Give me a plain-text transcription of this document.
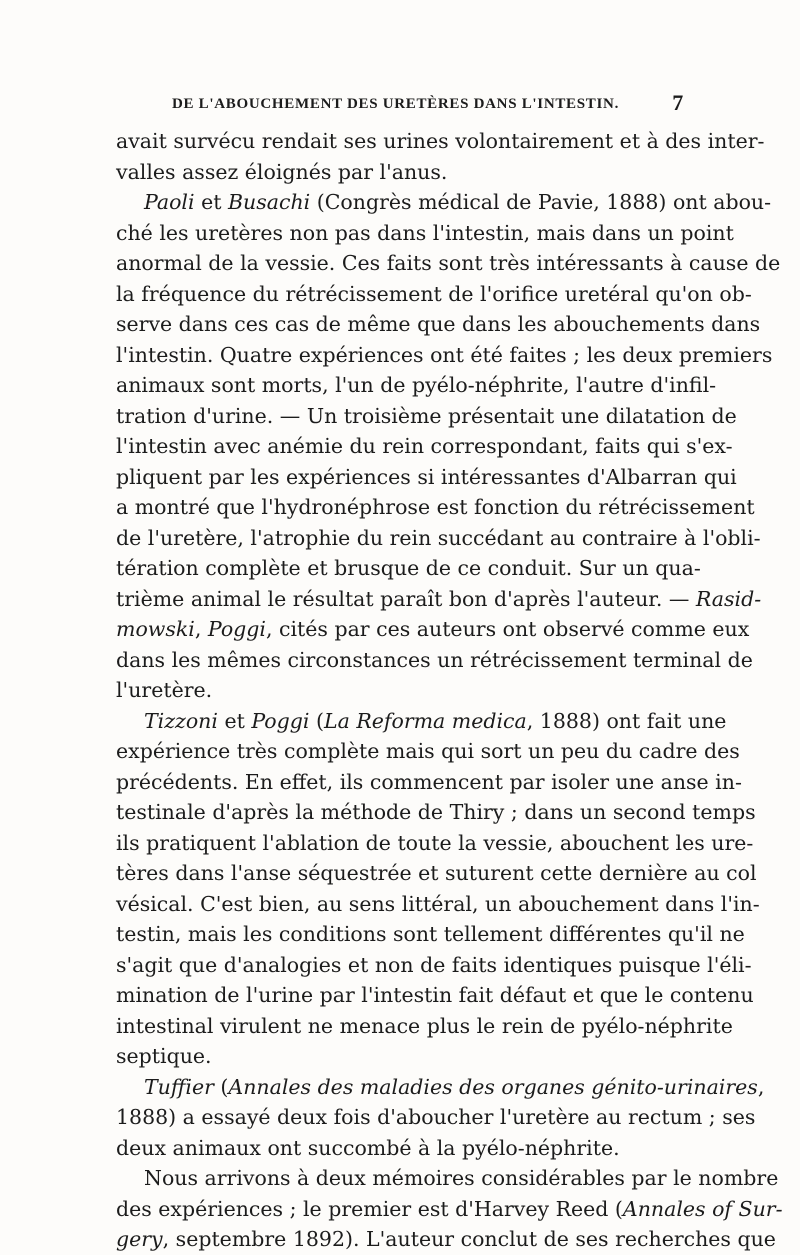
DE L'ABOUCHEMENT DES URETÈRES DANS L'INTESTIN. 7
avait survécu rendait ses urines volontairement et à des inter-
valles assez éloignés par l'anus.
Paoli et Busachi (Congrès médical de Pavie, 1888) ont abou-
ché les uretères non pas dans l'intestin, mais dans un point
anormal de la vessie. Ces faits sont très intéressants à cause de
la fréquence du rétrécissement de l'orifice uretéral qu'on ob-
serve dans ces cas de même que dans les abouchements dans
l'intestin. Quatre expériences ont été faites ; les deux premiers
animaux sont morts, l'un de pyélo-néphrite, l'autre d'infil-
tration d'urine. — Un troisième présentait une dilatation de
l'intestin avec anémie du rein correspondant, faits qui s'ex-
pliquent par les expériences si intéressantes d'Albarran qui
a montré que l'hydronéphrose est fonction du rétrécissement
de l'uretère, l'atrophie du rein succédant au contraire à l'obli-
tération complète et brusque de ce conduit. Sur un qua-
trième animal le résultat paraît bon d'après l'auteur. — Rasid-
mowski, Poggi, cités par ces auteurs ont observé comme eux
dans les mêmes circonstances un rétrécissement terminal de
l'uretère.
Tizzoni et Poggi (La Reforma medica, 1888) ont fait une
expérience très complète mais qui sort un peu du cadre des
précédents. En effet, ils commencent par isoler une anse in-
testinale d'après la méthode de Thiry ; dans un second temps
ils pratiquent l'ablation de toute la vessie, abouchent les ure-
tères dans l'anse séquestrée et suturent cette dernière au col
vésical. C'est bien, au sens littéral, un abouchement dans l'in-
testin, mais les conditions sont tellement différentes qu'il ne
s'agit que d'analogies et non de faits identiques puisque l'éli-
mination de l'urine par l'intestin fait défaut et que le contenu
intestinal virulent ne menace plus le rein de pyélo-néphrite
septique.
Tuffier (Annales des maladies des organes génito-urinaires,
1888) a essayé deux fois d'aboucher l'uretère au rectum ; ses
deux animaux ont succombé à la pyélo-néphrite.
Nous arrivons à deux mémoires considérables par le nombre
des expériences ; le premier est d'Harvey Reed (Annales of Sur-
gery, septembre 1892). L'auteur conclut de ses recherches que
